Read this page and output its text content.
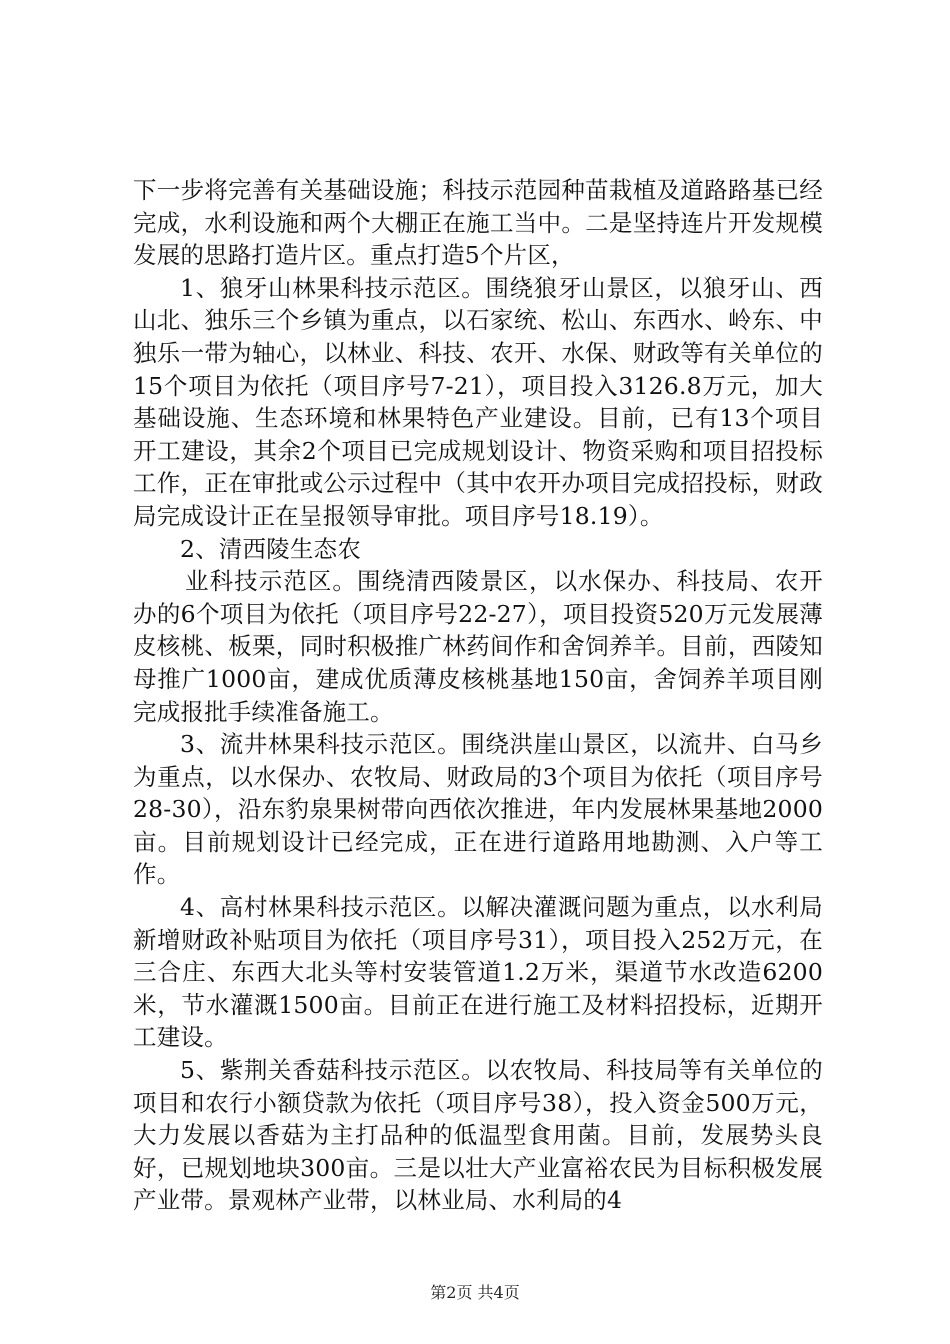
下一步将完善有关基础设施；科技示范园种苗栽植及道路路基已经完成，水利设施和两个大棚正在施工当中。二是坚持连片开发规模发展的思路打造片区。重点打造5个片区，

1、狼牙山林果科技示范区。围绕狼牙山景区，以狼牙山、西山北、独乐三个乡镇为重点，以石家统、松山、东西水、岭东、中独乐一带为轴心，以林业、科技、农开、水保、财政等有关单位的15个项目为依托（项目序号7-21），项目投入3126.8万元，加大基础设施、生态环境和林果特色产业建设。目前，已有13个项目开工建设，其余2个项目已完成规划设计、物资采购和项目招投标工作，正在审批或公示过程中（其中农开办项目完成招投标，财政局完成设计正在呈报领导审批。项目序号18.19）。

2、清西陵生态农

业科技示范区。围绕清西陵景区，以水保办、科技局、农开办的6个项目为依托（项目序号22-27），项目投资520万元发展薄皮核桃、板栗，同时积极推广林药间作和舍饲养羊。目前，西陵知母推广1000亩，建成优质薄皮核桃基地150亩，舍饲养羊项目刚完成报批手续准备施工。

3、流井林果科技示范区。围绕洪崖山景区，以流井、白马乡为重点，以水保办、农牧局、财政局的3个项目为依托（项目序号28-30），沿东豹泉果树带向西依次推进，年内发展林果基地2000亩。目前规划设计已经完成，正在进行道路用地勘测、入户等工作。

4、高村林果科技示范区。以解决灌溉问题为重点，以水利局新增财政补贴项目为依托（项目序号31），项目投入252万元，在三合庄、东西大北头等村安装管道1.2万米，渠道节水改造6200米，节水灌溉1500亩。目前正在进行施工及材料招投标，近期开工建设。

5、紫荆关香菇科技示范区。以农牧局、科技局等有关单位的项目和农行小额贷款为依托（项目序号38），投入资金500万元，大力发展以香菇为主打品种的低温型食用菌。目前，发展势头良好，已规划地块300亩。三是以壮大产业富裕农民为目标积极发展产业带。景观林产业带，以林业局、水利局的4

第2页 共4页
